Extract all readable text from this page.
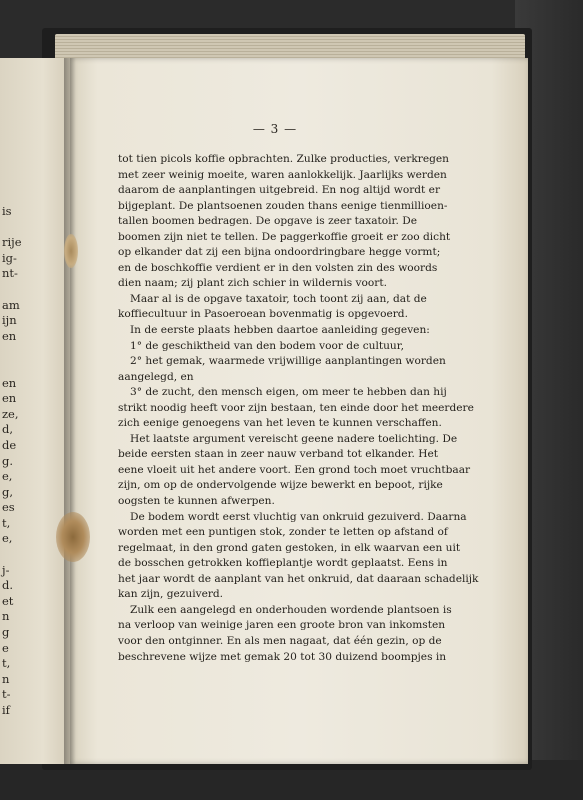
is
rije
ig-
nt-
am
ijn
en
en
en
ze,
d,
de
g.
e,
g,
es
t,
e,
j-
d.
et
n
g
e
t,
n
t-
if
— 3 —
tot tien picols koffie opbrachten. Zulke producties, verkregen
met zeer weinig moeite, waren aanlokkelijk. Jaarlijks werden
daarom de aanplantingen uitgebreid. En nog altijd wordt er
bijgeplant. De plantsoenen zouden thans eenige tienmillioen-
tallen boomen bedragen. De opgave is zeer taxatoir. De
boomen zijn niet te tellen. De paggerkoffie groeit er zoo dicht
op elkander dat zij een bijna ondoordringbare hegge vormt;
en de boschkoffie verdient er in den volsten zin des woords
dien naam; zij plant zich schier in wildernis voort.
Maar al is de opgave taxatoir, toch toont zij aan, dat de
koffiecultuur in Pasoeroean bovenmatig is opgevoerd.
In de eerste plaats hebben daartoe aanleiding gegeven:
1° de geschiktheid van den bodem voor de cultuur,
2° het gemak, waarmede vrijwillige aanplantingen worden
aangelegd, en
3° de zucht, den mensch eigen, om meer te hebben dan hij
strikt noodig heeft voor zijn bestaan, ten einde door het meerdere
zich eenige genoegens van het leven te kunnen verschaffen.
Het laatste argument vereischt geene nadere toelichting. De
beide eersten staan in zeer nauw verband tot elkander. Het
eene vloeit uit het andere voort. Een grond toch moet vruchtbaar
zijn, om op de ondervolgende wijze bewerkt en bepoot, rijke
oogsten te kunnen afwerpen.
De bodem wordt eerst vluchtig van onkruid gezuiverd. Daarna
worden met een puntigen stok, zonder te letten op afstand of
regelmaat, in den grond gaten gestoken, in elk waarvan een uit
de bosschen getrokken koffieplantje wordt geplaatst. Eens in
het jaar wordt de aanplant van het onkruid, dat daaraan schadelijk
kan zijn, gezuiverd.
Zulk een aangelegd en onderhouden wordende plantsoen is
na verloop van weinige jaren een groote bron van inkomsten
voor den ontginner. En als men nagaat, dat één gezin, op de
beschrevene wijze met gemak 20 tot 30 duizend boompjes in
